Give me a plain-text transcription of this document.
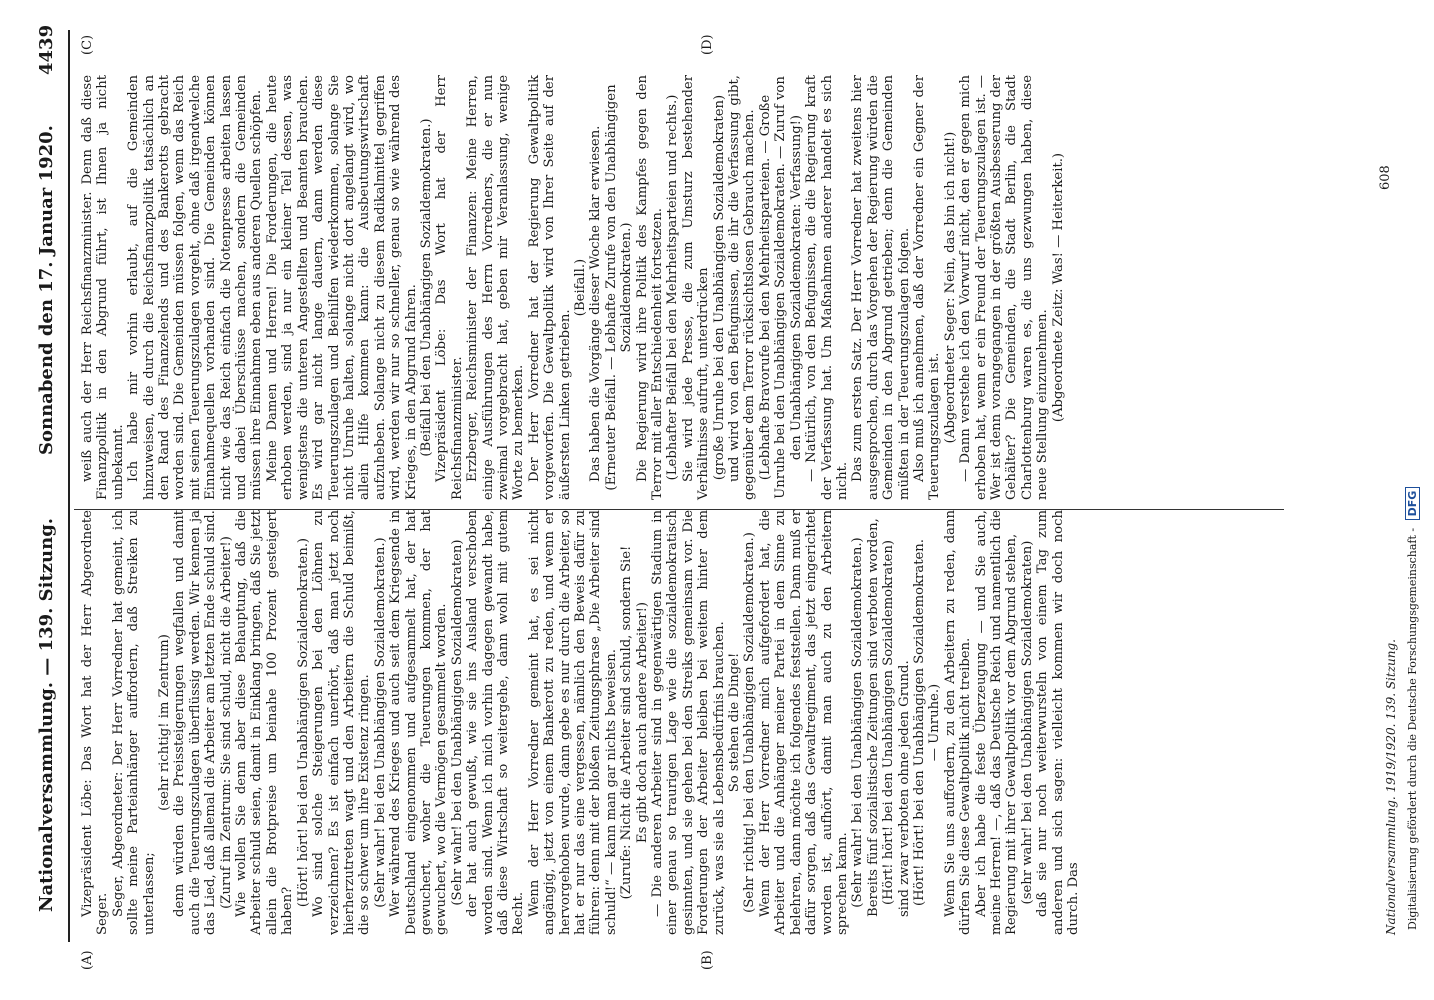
Nationalversammlung. — 139. Sitzung.
Sonnabend den 17. Januar 1920.
4439
(A)	(B)
(C)	(D)

Vizepräsident Löbe: Das Wort hat der Herr Abgeordnete Seger. Seger, Abgeordneter: Der Herr Vorredner hat gemeint, ich sollte meine Parteianhänger auffordern, daß Streiken zu unterlassen;

(sehr richtig! im Zentrum) denn würden die Preissteigerungen wegfallen und damit auch die Teuerungszulagen überflüssig werden. Wir kennen ja das Lied, daß allemal die Arbeiter am letzten Ende schuld sind. (Zuruf im Zentrum: Sie sind schuld, nicht die Arbeiter!) Wie wollen Sie denn aber diese Behauptung, daß die Arbeiter schuld seien, damit in Einklang bringen, daß Sie jetzt allein die Brotpreise um beinahe 100 Prozent gesteigert haben?

(Hört! hört! bei den Unabhängigen Sozialdemokraten.) Wo sind solche Steigerungen bei den Löhnen zu verzeichnen? Es ist einfach unerhört, daß man jetzt noch hierherzutreten wagt und den Arbeitern die Schuld beimißt, die so schwer um ihre Existenz ringen. (Sehr wahr! bei den Unabhängigen Sozialdemokraten.) Wer während des Krieges und auch seit dem Kriegsende in Deutschland eingenommen und aufgesammelt hat, der hat gewuchert, woher die Teuerungen kommen, der hat gewuchert, wo die Vermögen gesammelt worden. (Sehr wahr! bei den Unabhängigen Sozialdemokraten) der hat auch gewußt, wie sie ins Ausland verschoben worden sind. Wenn ich mich vorhin dagegen gewandt habe, daß diese Wirtschaft so weitergehe, dann wohl mit gutem Recht. Wenn der Herr Vorredner gemeint hat, es sei nicht angängig, jetzt von einem Bankerott zu reden, und wenn er hervorgehoben wurde, dann gebe es nur durch die Arbeiter, so hat er nur das eine vergessen, nämlich den Beweis dafür zu führen: denn mit der bloßen Zeitungsphrase „Die Arbeiter sind schuld!“ — kann man gar nichts beweisen. (Zurufe: Nicht die Arbeiter sind schuld, sondern Sie! Es gibt doch auch andere Arbeiter!) — Die anderen Arbeiter sind in gegenwärtigen Stadium in einer genau so traurigen Lage wie die sozialdemokratisch gesinnten, und sie gehen bei den Streiks gemeinsam vor. Die Forderungen der Arbeiter bleiben bei weitem hinter dem zurück, was sie als Lebensbedürfnis brauchen. So stehen die Dinge! (Sehr richtig! bei den Unabhängigen Sozialdemokraten.) Wenn der Herr Vorredner mich aufgefordert hat, die Arbeiter und die Anhänger meiner Partei in dem Sinne zu belehren, dann möchte ich folgendes feststellen. Dann muß er dafür sorgen, daß das Gewaltregiment, das jetzt eingerichtet worden ist, aufhört, damit man auch zu den Arbeitern sprechen kann. (Sehr wahr! bei den Unabhängigen Sozialdemokraten.) Bereits fünf sozialistische Zeitungen sind verboten worden, (Hört! hört! bei den Unabhängigen Sozialdemokraten) sind zwar verboten ohne jeden Grund. (Hört! Hört! bei den Unabhängigen Sozialdemokraten. — Unruhe.) Wenn Sie uns auffordern, zu den Arbeitern zu reden, dann dürfen Sie diese Gewaltpolitik nicht treiben. Aber ich habe die feste Überzeugung — und Sie auch, meine Herren! —, daß das Deutsche Reich und namentlich die Regierung mit ihrer Gewaltpolitik vor dem Abgrund stehen, (sehr wahr! bei den Unabhängigen Sozialdemokraten) daß sie nur noch weiterwursteln von einem Tag zum anderen und sich sagen: vielleicht kommen wir doch noch durch. Das

weiß auch der Herr Reichsfinanzminister. Denn daß diese Finanzpolitik in den Abgrund führt, ist Ihnen ja nicht unbekannt. Ich habe mir vorhin erlaubt, auf die Gemeinden hinzuweisen, die durch die Reichsfinanzpolitik tatsächlich an den Rand des Finanzelends und des Bankerotts gebracht worden sind. Die Gemeinden müssen folgen, wenn das Reich mit seinen Teuerungszulagen vorgeht, ohne daß irgendwelche Einnahmequellen vorhanden sind. Die Gemeinden können nicht wie das Reich einfach die Notenpresse arbeiten lassen und dabei Überschüsse machen, sondern die Gemeinden müssen ihre Einnahmen eben aus anderen Quellen schöpfen. Meine Damen und Herren! Die Forderungen, die heute erhoben werden, sind ja nur ein kleiner Teil dessen, was wenigstens die unteren Angestellten und Beamten brauchen. Es wird gar nicht lange dauern, dann werden diese Teuerungszulagen und Beihilfen wiederkommen, solange Sie nicht Unruhe halten, solange nicht dort angelangt wird, wo allein Hilfe kommen kann: die Ausbeutungswirtschaft aufzuheben. Solange nicht zu diesem Radikalmittel gegriffen wird, werden wir nur so schneller, genau so wie während des Krieges, in den Abgrund fahren. (Beifall bei den Unabhängigen Sozialdemokraten.) Vizepräsident Löbe: Das Wort hat der Herr Reichsfinanzminister. Erzberger, Reichsminister der Finanzen: Meine Herren, einige Ausführungen des Herrn Vorredners, die er nun zweimal vorgebracht hat, geben mir Veranlassung, wenige Worte zu bemerken. Der Herr Vorredner hat der Regierung Gewaltpolitik vorgeworfen. Die Gewaltpolitik wird von Ihrer Seite auf der äußersten Linken getrieben.

(Beifall.) Das haben die Vorgänge dieser Woche klar erwiesen. (Erneuter Beifall. — Lebhafte Zurufe von den Unabhängigen Sozialdemokraten.) Die Regierung wird ihre Politik des Kampfes gegen den Terror mit aller Entschiedenheit fortsetzen. (Lebhafter Beifall bei den Mehrheitsparteien und rechts.) Sie wird jede Presse, die zum Umsturz bestehender Verhältnisse aufruft, unterdrücken (große Unruhe bei den Unabhängigen Sozialdemokraten) und wird von den Befugnissen, die ihr die Verfassung gibt, gegenüber dem Terror rücksichtslosen Gebrauch machen. (Lebhafte Bravorufe bei den Mehrheitsparteien. — Große Unruhe bei den Unabhängigen Sozialdemokraten. — Zuruf von den Unabhängigen Sozialdemokraten: Verfassung!) — Natürlich, von den Befugnissen, die die Regierung kraft der Verfassung hat. Um Maßnahmen anderer handelt es sich nicht. Das zum ersten Satz. Der Herr Vorredner hat zweitens hier ausgesprochen, durch das Vorgehen der Regierung würden die Gemeinden in den Abgrund getrieben; denn die Gemeinden müßten in der Teuerungszulagen folgen. Also muß ich annehmen, daß der Vorredner ein Gegner der Teuerungszulagen ist. (Abgeordneter Seger: Nein, das bin ich nicht!) — Dann verstehe ich den Vorwurf nicht, den er gegen mich erhoben hat, wenn er ein Freund der Teuerungszulagen ist. — Wer ist denn vorangegangen in der größten Ausbesserung der Gehälter? Die Gemeinden, die Stadt Berlin, die Stadt Charlottenburg waren es, die uns gezwungen haben, diese neue Stellung einzunehmen. (Abgeordnete Zeitz: Was! — Heiterkeit.)

Nationalversammlung. 1919/1920. 139. Sitzung.
608
Digitalisierung gefördert durch die Deutsche Forschungsgemeinschaft - DFG
